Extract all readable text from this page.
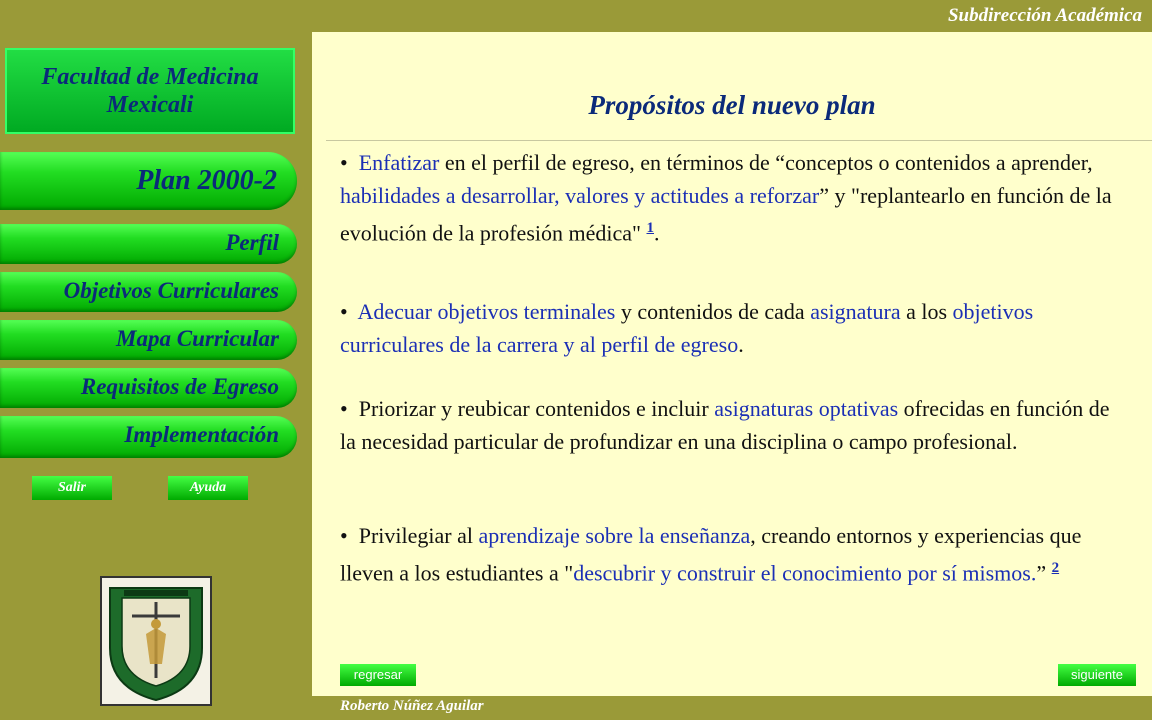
Subdirección Académica
Facultad de Medicina
Mexicali
Plan 2000-2
Perfil
Objetivos Curriculares
Mapa Curricular
Requisitos de Egreso
Implementación
Salir	Ayuda
Propósitos del nuevo plan
• Enfatizar en el perfil de egreso, en términos de “conceptos o contenidos a aprender, habilidades a desarrollar, valores y actitudes a reforzar” y "replantearlo en función de la evolución de la profesión médica" $^1$.
• Adecuar objetivos terminales y contenidos de cada asignatura a los objetivos curriculares de la carrera y al perfil de egreso.
• Priorizar y reubicar contenidos e incluir asignaturas optativas ofrecidas en función de la necesidad particular de profundizar en una disciplina o campo profesional.
• Privilegiar al aprendizaje sobre la enseñanza, creando entornos y experiencias que lleven a los estudiantes a "descubrir y construir el conocimiento por sí mismos.” $^2$
regresar	siguiente
Roberto Núñez Aguilar
